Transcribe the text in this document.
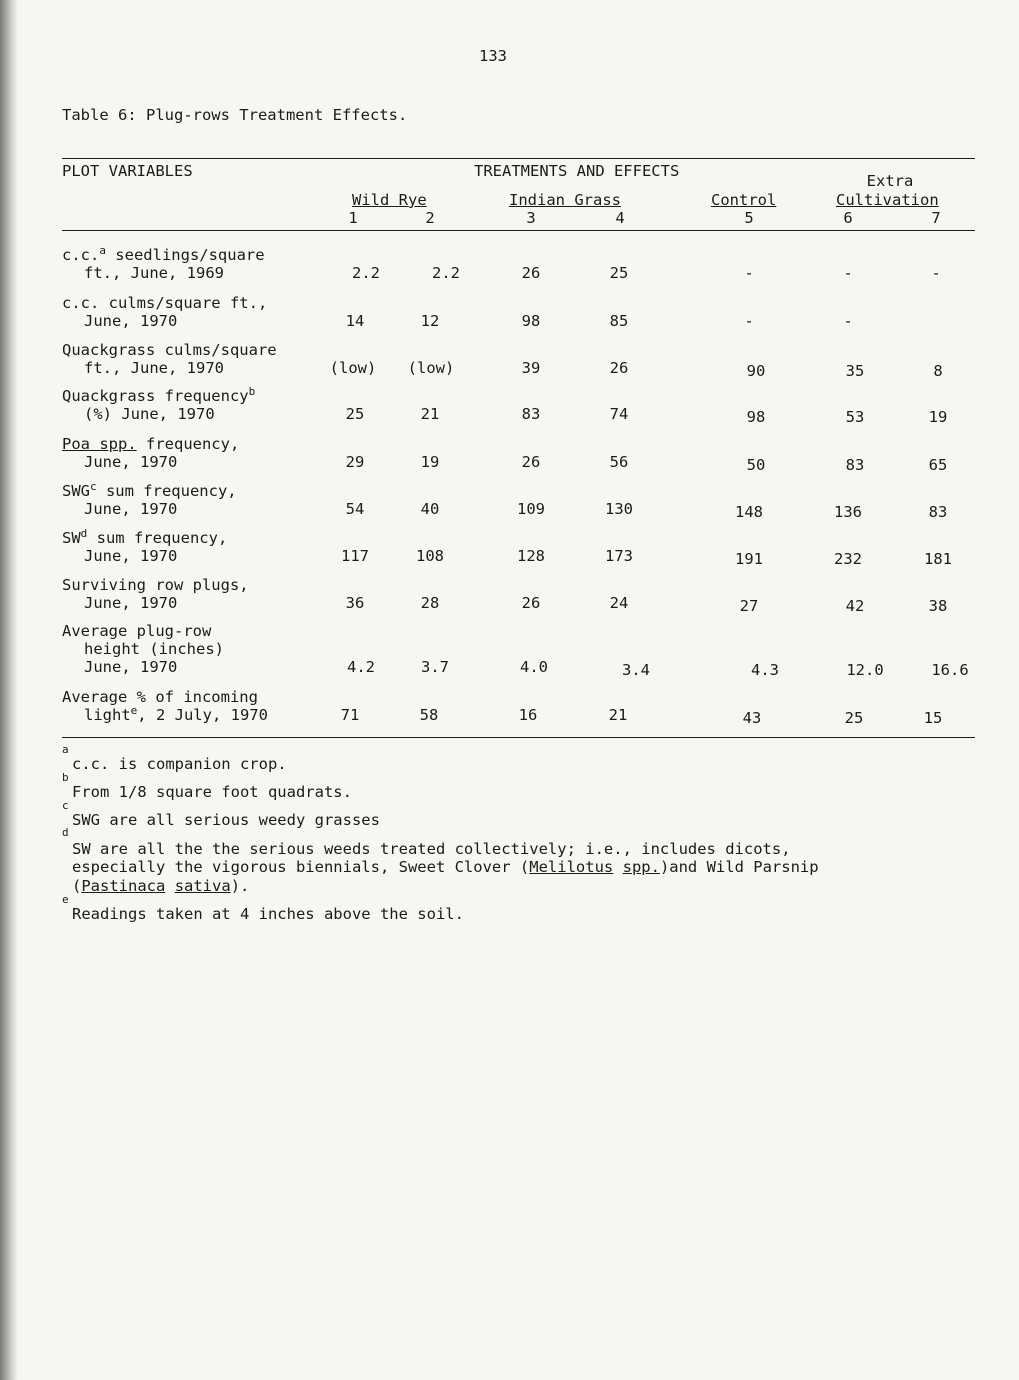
133
Table 6: Plug-rows Treatment Effects.
PLOT VARIABLES	TREATMENTS AND EFFECTS
Extra
Wild Rye	Indian Grass	Control	Cultivation
1	2	3	4	5	6	7
c.c.$^a$ seedlings/square
ft., June, 1969	2.2	2.2	26	25	-	-	-
c.c. culms/square ft.,
June, 1970	14	12	98	85	-	-
Quackgrass culms/square
ft., June, 1970	(low)	(low)	39	26	90	35	8
Quackgrass frequency$^b$
(%) June, 1970	25	21	83	74	98	53	19
Poa spp. frequency,
June, 1970	29	19	26	56	50	83	65
SWG$^c$ sum frequency,
June, 1970	54	40	109	130	148	136	83
$SW^d$ sum frequency,
June, 1970	117	108	128	173	191	232	181
Surviving row plugs,
June, 1970	36	28	26	24	27	42	38
Average plug-row
height (inches)
June, 1970	4.2	3.7	4.0	3.4	4.3	12.0	16.6
Average % of incoming
light$^e$, 2 July, 1970	71	58	16	21	43	25	15
$^a$
c.c. is companion crop.
$^b$
From 1/8 square foot quadrats.
$^c$
SWG are all serious weedy grasses
$^d$
SW are all the the serious weeds treated collectively; i.e., includes dicots,
especially the vigorous biennials, Sweet Clover (Melilotus spp.)and Wild Parsnip
(Pastinaca sativa).
$^e$
Readings taken at 4 inches above the soil.
